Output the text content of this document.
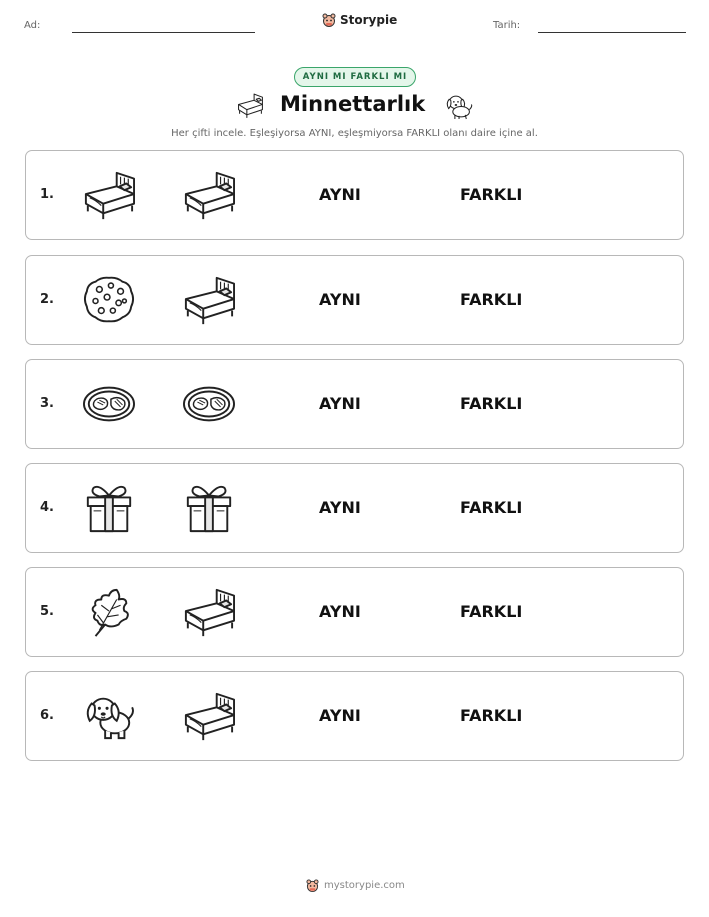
Ad:	Storypie	Tarih:
AYNI MI FARKLI MI
Minnettarlık
Her çifti incele. Eşleşiyorsa AYNI, eşleşmiyorsa FARKLI olanı daire içine al.
1.	AYNI	FARKLI
2.	AYNI	FARKLI
3.	AYNI	FARKLI
4.	AYNI	FARKLI
5.	AYNI	FARKLI
6.	AYNI	FARKLI
mystorypie.com
